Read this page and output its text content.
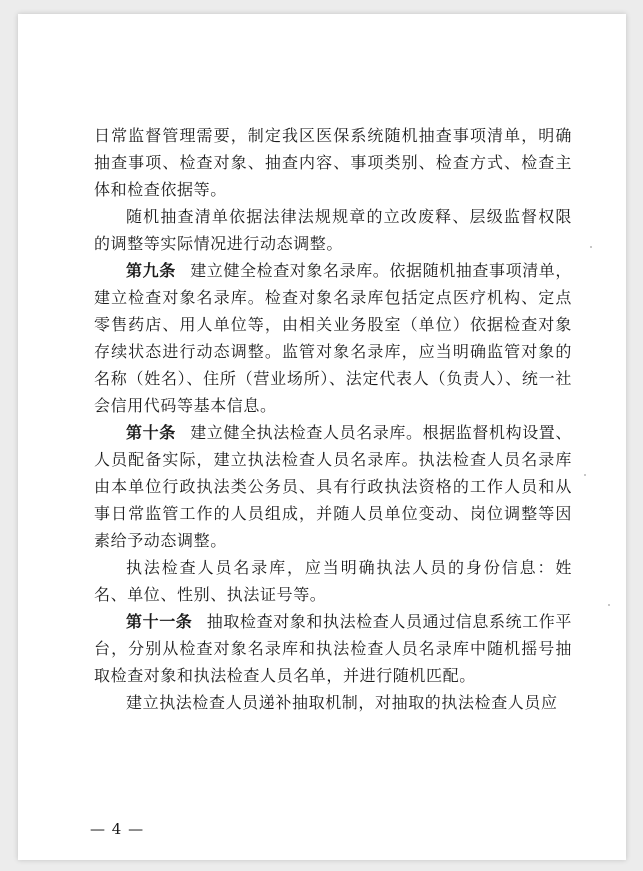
日常监督管理需要，制定我区医保系统随机抽查事项清单，明确抽查事项、检查对象、抽查内容、事项类别、检查方式、检查主体和检查依据等。

随机抽查清单依据法律法规规章的立改废释、层级监督权限的调整等实际情况进行动态调整。

第九条 建立健全检查对象名录库。依据随机抽查事项清单，建立检查对象名录库。检查对象名录库包括定点医疗机构、定点零售药店、用人单位等，由相关业务股室（单位）依据检查对象存续状态进行动态调整。监管对象名录库，应当明确监管对象的名称（姓名）、住所（营业场所）、法定代表人（负责人）、统一社会信用代码等基本信息。

第十条 建立健全执法检查人员名录库。根据监督机构设置、人员配备实际，建立执法检查人员名录库。执法检查人员名录库由本单位行政执法类公务员、具有行政执法资格的工作人员和从事日常监管工作的人员组成，并随人员单位变动、岗位调整等因素给予动态调整。

执法检查人员名录库，应当明确执法人员的身份信息：姓名、单位、性别、执法证号等。

第十一条 抽取检查对象和执法检查人员通过信息系统工作平台，分别从检查对象名录库和执法检查人员名录库中随机摇号抽取检查对象和执法检查人员名单，并进行随机匹配。

建立执法检查人员递补抽取机制，对抽取的执法检查人员应

— 4 —
